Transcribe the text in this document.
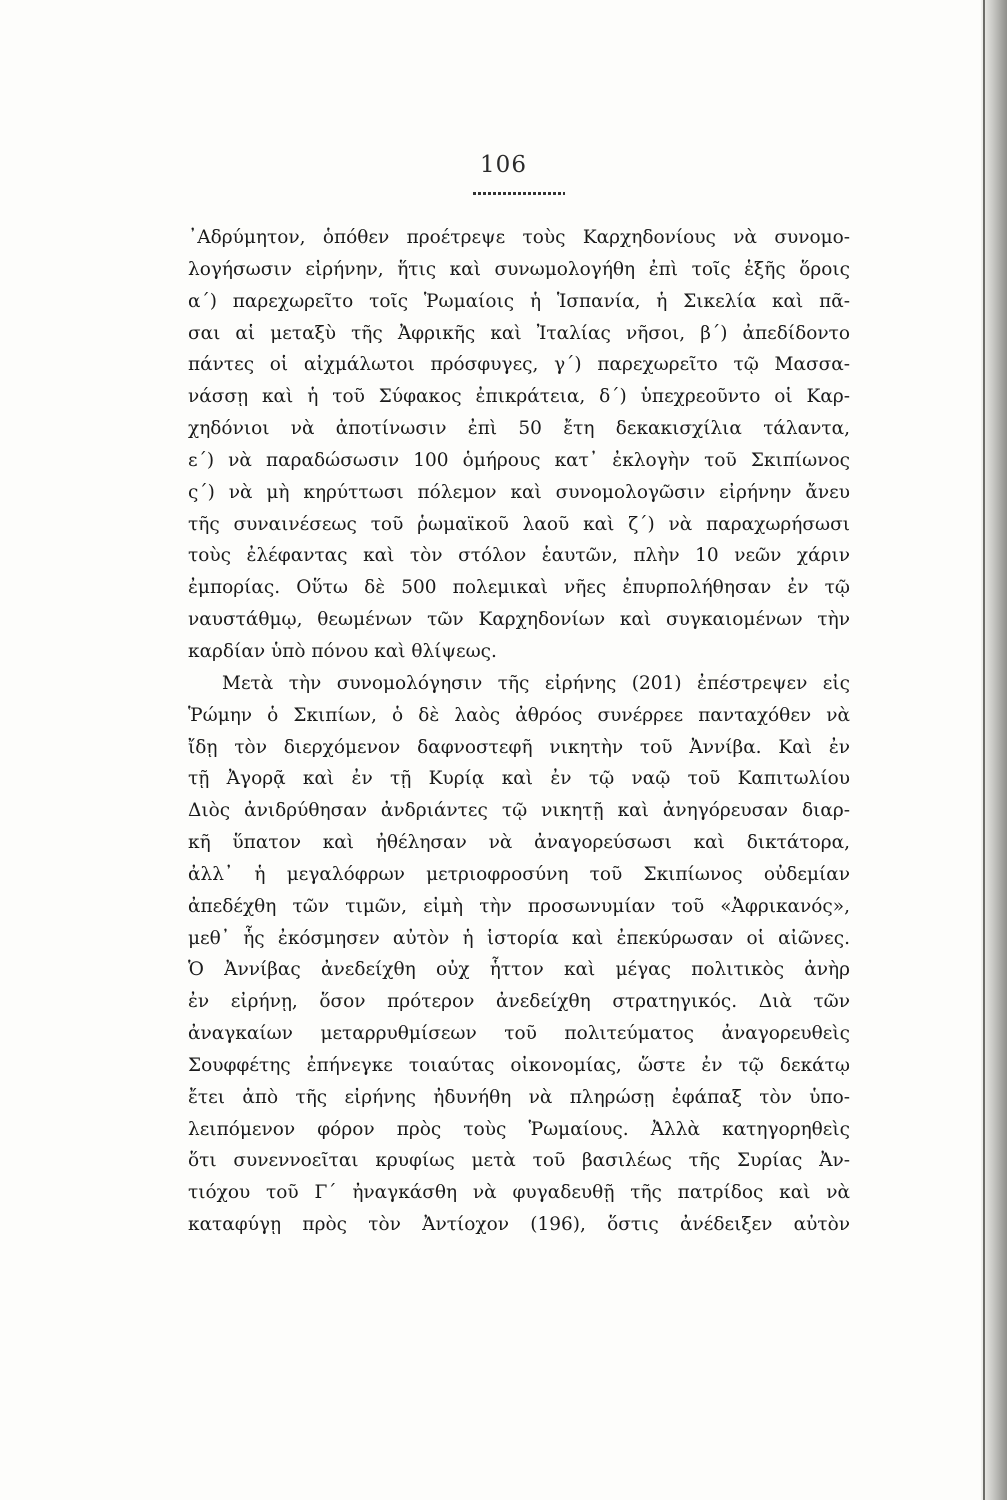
106
᾽Αδρύμητον, ὁπόθεν προέτρεψε τοὺς Καρχηδονίους νὰ συνομο-
λογήσωσιν εἰρήνην, ἥτις καὶ συνωμολογήθη ἐπὶ τοῖς ἑξῆς ὅροις
α΄) παρεχωρεῖτο τοῖς Ῥωμαίοις ἡ Ἱσπανία, ἡ Σικελία καὶ πᾶ-
σαι αἱ μεταξὺ τῆς Ἀφρικῆς καὶ Ἰταλίας νῆσοι, β΄) ἀπεδίδοντο
πάντες οἱ αἰχμάλωτοι πρόσφυγες, γ΄) παρεχωρεῖτο τῷ Μασσα-
νάσσῃ καὶ ἡ τοῦ Σύφακος ἐπικράτεια, δ΄) ὑπεχρεοῦντο οἱ Καρ-
χηδόνιοι νὰ ἀποτίνωσιν ἐπὶ 50 ἔτη δεκακισχίλια τάλαντα,
ε΄) νὰ παραδώσωσιν 100 ὁμήρους κατ᾽ ἐκλογὴν τοῦ Σκιπίωνος
ς΄) νὰ μὴ κηρύττωσι πόλεμον καὶ συνομολογῶσιν εἰρήνην ἄνευ
τῆς συναινέσεως τοῦ ῥωμαϊκοῦ λαοῦ καὶ ζ΄) νὰ παραχωρήσωσι
τοὺς ἐλέφαντας καὶ τὸν στόλον ἑαυτῶν, πλὴν 10 νεῶν χάριν
ἐμπορίας. Οὕτω δὲ 500 πολεμικαὶ νῆες ἐπυρπολήθησαν ἐν τῷ
ναυστάθμῳ, θεωμένων τῶν Καρχηδονίων καὶ συγκαιομένων τὴν
καρδίαν ὑπὸ πόνου καὶ θλίψεως.
Μετὰ τὴν συνομολόγησιν τῆς εἰρήνης (201) ἐπέστρεψεν εἰς
Ῥώμην ὁ Σκιπίων, ὁ δὲ λαὸς ἀθρόος συνέρρεε πανταχόθεν νὰ
ἴδῃ τὸν διερχόμενον δαφνοστεφῆ νικητὴν τοῦ Ἀννίβα. Καὶ ἐν
τῇ Ἀγορᾷ καὶ ἐν τῇ Κυρίᾳ καὶ ἐν τῷ ναῷ τοῦ Καπιτωλίου
Διὸς ἀνιδρύθησαν ἀνδριάντες τῷ νικητῇ καὶ ἀνηγόρευσαν διαρ-
κῆ ὕπατον καὶ ἠθέλησαν νὰ ἀναγορεύσωσι καὶ δικτάτορα,
ἀλλ᾽ ἡ μεγαλόφρων μετριοφροσύνη τοῦ Σκιπίωνος οὐδεμίαν
ἀπεδέχθη τῶν τιμῶν, εἰμὴ τὴν προσωνυμίαν τοῦ «Ἀφρικανός»,
μεθ᾽ ἧς ἐκόσμησεν αὐτὸν ἡ ἱστορία καὶ ἐπεκύρωσαν οἱ αἰῶνες.
Ὁ Ἀννίβας ἀνεδείχθη οὐχ ἧττον καὶ μέγας πολιτικὸς ἀνὴρ
ἐν εἰρήνῃ, ὅσον πρότερον ἀνεδείχθη στρατηγικός. Διὰ τῶν
ἀναγκαίων μεταρρυθμίσεων τοῦ πολιτεύματος ἀναγορευθεὶς
Σουφφέτης ἐπήνεγκε τοιαύτας οἰκονομίας, ὥστε ἐν τῷ δεκάτῳ
ἔτει ἀπὸ τῆς εἰρήνης ἠδυνήθη νὰ πληρώσῃ ἐφάπαξ τὸν ὑπο-
λειπόμενον φόρον πρὸς τοὺς Ῥωμαίους. Ἀλλὰ κατηγορηθεὶς
ὅτι συνεννοεῖται κρυφίως μετὰ τοῦ βασιλέως τῆς Συρίας Ἀν-
τιόχου τοῦ Γ΄ ἠναγκάσθη νὰ φυγαδευθῇ τῆς πατρίδος καὶ νὰ
καταφύγῃ πρὸς τὸν Ἀντίοχον (196), ὅστις ἀνέδειξεν αὐτὸν
